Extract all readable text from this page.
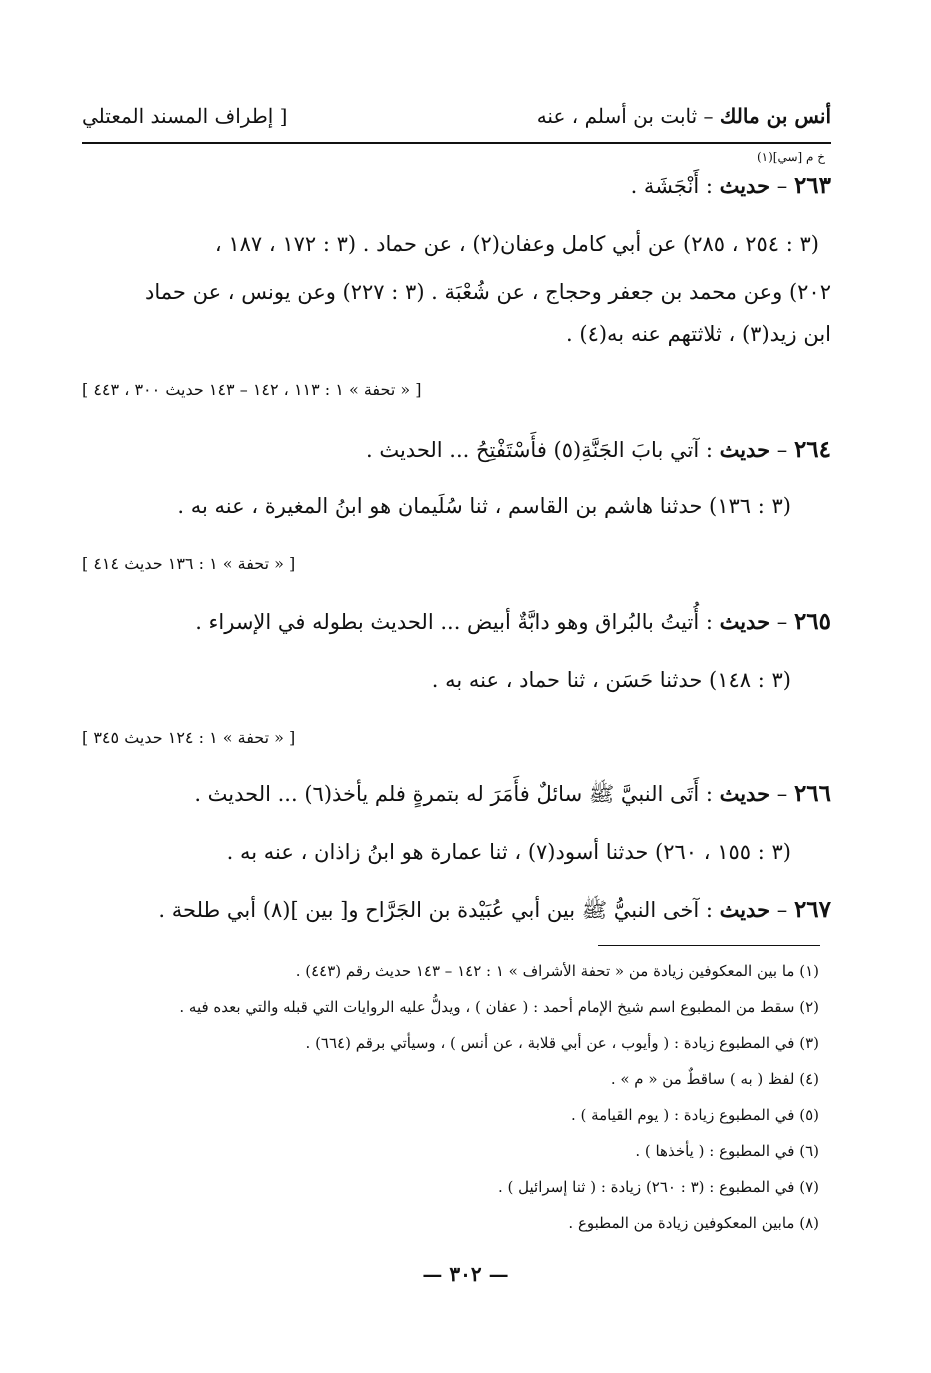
أنس بن مالك – ثابت بن أسلم ، عنه
[ إطراف المسند المعتلي
خ م [سي](١)
٢٦٣ – حديث : أَنْجَشَة .
(٣ : ٢٥٤ ، ٢٨٥) عن أبي كامل وعفان(٢) ، عن حماد . (٣ : ١٧٢ ، ١٨٧ ،
٢٠٢) وعن محمد بن جعفر وحجاج ، عن شُعْبَة . (٣ : ٢٢٧) وعن يونس ، عن حماد
ابن زيد(٣) ، ثلاثتهم عنه به(٤) .
[ « تحفة » ١ : ١١٣ ، ١٤٢ – ١٤٣ حديث ٣٠٠ ، ٤٤٣ ]
٢٦٤ – حديث : آتي بابَ الجَنَّةِ(٥) فأَسْتَفْتِحُ ... الحديث .
(٣ : ١٣٦) حدثنا هاشم بن القاسم ، ثنا سُلَيمان هو ابنُ المغيرة ، عنه به .
[ « تحفة » ١ : ١٣٦ حديث ٤١٤ ]
٢٦٥ – حديث : أُتيتُ بالبُراق وهو دابَّةٌ أبيض ... الحديث بطوله في الإسراء .
(٣ : ١٤٨) حدثنا حَسَن ، ثنا حماد ، عنه به .
[ « تحفة » ١ : ١٢٤ حديث ٣٤٥ ]
٢٦٦ – حديث : أَتَى النبيَّ ﷺ سائلٌ فأَمَرَ له بتمرةٍ فلم يأخذ(٦) ... الحديث .
(٣ : ١٥٥ ، ٢٦٠) حدثنا أسود(٧) ، ثنا عمارة هو ابنُ زاذان ، عنه به .
٢٦٧ – حديث : آخى النبيُّ ﷺ بين أبي عُبَيْدة بن الجَرَّاح و[ بين ](٨) أبي طلحة .
(١) ما بين المعكوفين زيادة من « تحفة الأشراف » ١ : ١٤٢ – ١٤٣ حديث رقم (٤٤٣) .
(٢) سقط من المطبوع اسم شيخ الإمام أحمد : ( عفان ) ، ويدلُّ عليه الروايات التي قبله والتي بعده فيه .
(٣) في المطبوع زيادة : ( وأيوب ، عن أبي قلابة ، عن أنس ) ، وسيأتي برقم (٦٦٤) .
(٤) لفظ ( به ) ساقطٌ من « م » .
(٥) في المطبوع زيادة : ( يوم القيامة ) .
(٦) في المطبوع : ( يأخذها ) .
(٧) في المطبوع : (٣ : ٢٦٠) زيادة : ( ثنا إسرائيل ) .
(٨) مابين المعكوفين زيادة من المطبوع .
— ٣٠٢ —
